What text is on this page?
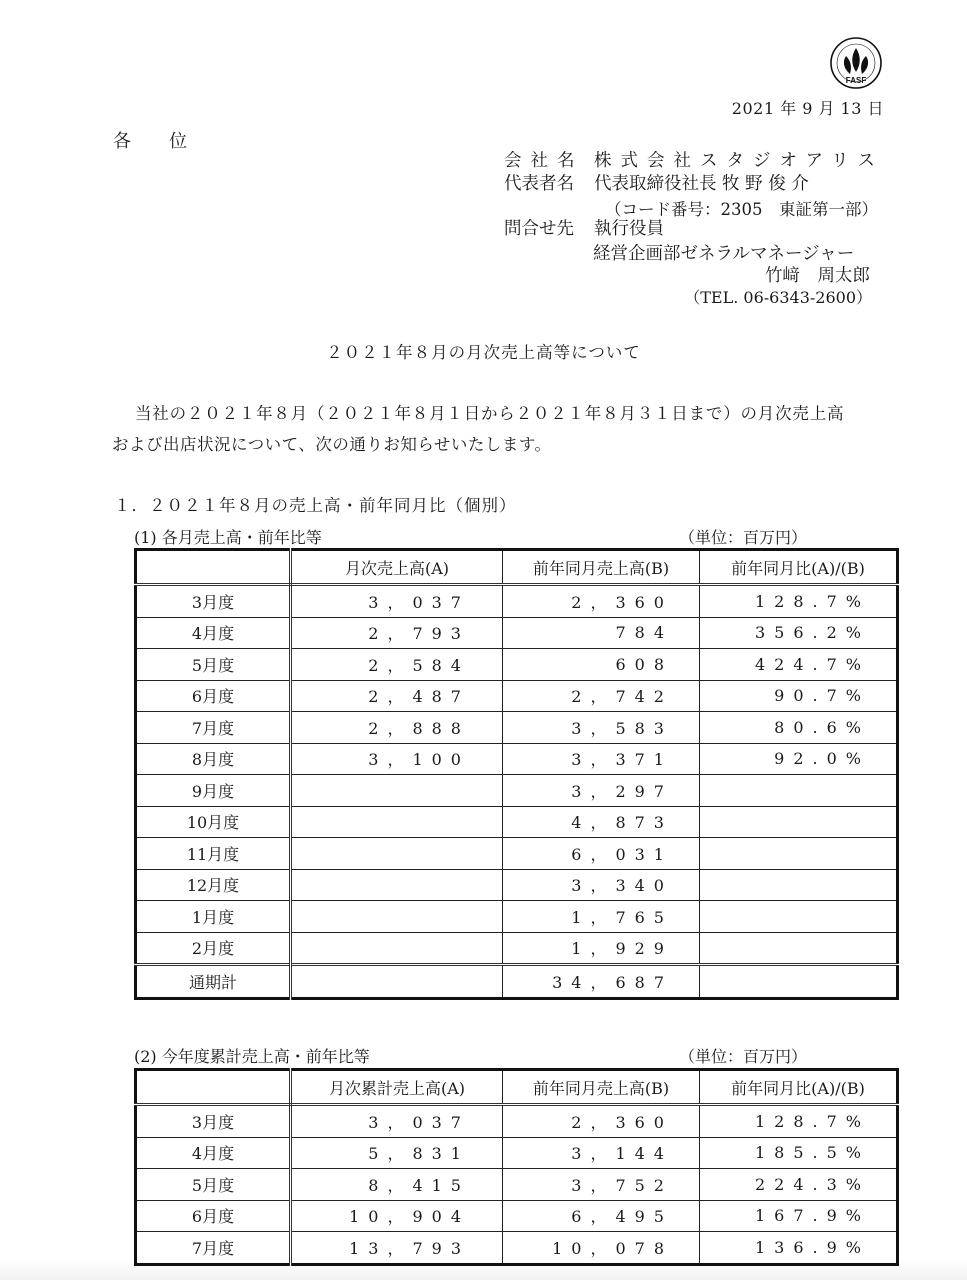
FASF
2021 年 9 月 13 日
各 位
会社名 株式会社スタジオアリス
代表者名	代表取締役社長 牧 野 俊 介
問合せ先	執行役員
（コード番号：2305　東証第一部）
経営企画部ゼネラルマネージャー
竹﨑　周太郎
（TEL. 06-6343-2600）
２０２１年８月の月次売上高等について
当社の２０２１年８月（２０２１年８月１日から２０２１年８月３１日まで）の月次売上高
および出店状況について、次の通りお知らせいたします。
１．２０２１年８月の売上高・前年同月比（個別）
(1) 各月売上高・前年比等	（単位：百万円）
	月次売上高(A)	前年同月売上高(B)	前年同月比(A)/(B)
3月度	3，037	2，360	128.7%
4月度	2，793	784	356.2%
5月度	2，584	608	424.7%
6月度	2，487	2，742	90.7%
7月度	2，888	3，583	80.6%
8月度	3，100	3，371	92.0%
9月度		3，297	
10月度		4，873	
11月度		6，031	
12月度		3，340	
1月度		1，765	
2月度		1，929	
通期計		34，687	
(2) 今年度累計売上高・前年比等	（単位：百万円）
	月次累計売上高(A)	前年同月売上高(B)	前年同月比(A)/(B)
3月度	3，037	2，360	128.7%
4月度	5，831	3，144	185.5%
5月度	8，415	3，752	224.3%
6月度	10，904	6，495	167.9%
7月度	13，793	10，078	136.9%
